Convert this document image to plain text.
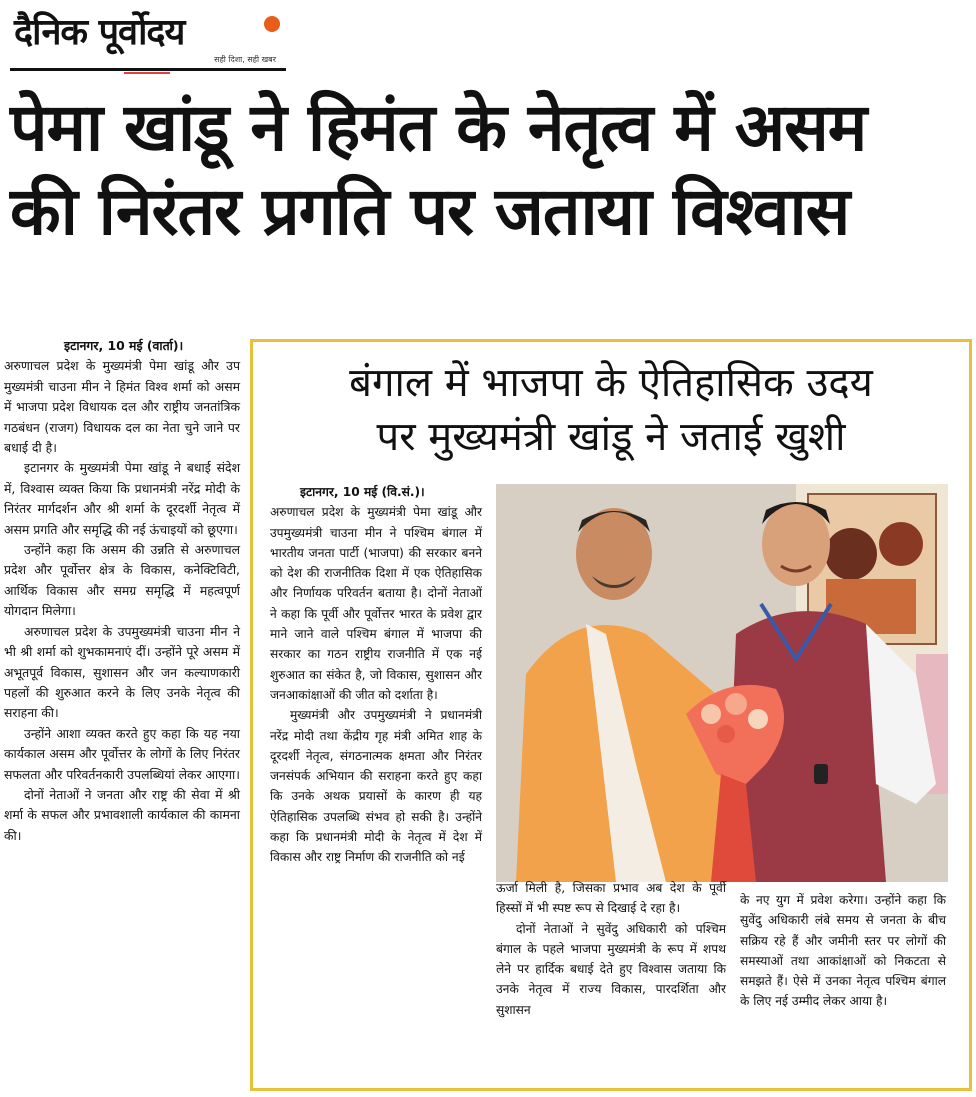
दैनिक पूर्वोदय
सही दिशा, सही खबर
पेमा खांडू ने हिमंत के नेतृत्व में असम
की निरंतर प्रगति पर जताया विश्वास

इटानगर, 10 मई (वार्ता)।

अरुणाचल प्रदेश के मुख्यमंत्री पेमा खांडू और उप मुख्यमंत्री चाउना मीन ने हिमंत विश्व शर्मा को असम में भाजपा प्रदेश विधायक दल और राष्ट्रीय जनतांत्रिक गठबंधन (राजग) विधायक दल का नेता चुने जाने पर बधाई दी है।

इटानगर के मुख्यमंत्री पेमा खांडू ने बधाई संदेश में, विश्वास व्यक्त किया कि प्रधानमंत्री नरेंद्र मोदी के निरंतर मार्गदर्शन और श्री शर्मा के दूरदर्शी नेतृत्व में असम प्रगति और समृद्धि की नई ऊंचाइयों को छूएगा।

उन्होंने कहा कि असम की उन्नति से अरुणाचल प्रदेश और पूर्वोत्तर क्षेत्र के विकास, कनेक्टिविटी, आर्थिक विकास और समग्र समृद्धि में महत्वपूर्ण योगदान मिलेगा।

अरुणाचल प्रदेश के उपमुख्यमंत्री चाउना मीन ने भी श्री शर्मा को शुभकामनाएं दीं। उन्होंने पूरे असम में अभूतपूर्व विकास, सुशासन और जन कल्याणकारी पहलों की शुरुआत करने के लिए उनके नेतृत्व की सराहना की।

उन्होंने आशा व्यक्त करते हुए कहा कि यह नया कार्यकाल असम और पूर्वोत्तर के लोगों के लिए निरंतर सफलता और परिवर्तनकारी उपलब्धियां लेकर आएगा।

दोनों नेताओं ने जनता और राष्ट्र की सेवा में श्री शर्मा के सफल और प्रभावशाली कार्यकाल की कामना की।

बंगाल में भाजपा के ऐतिहासिक उदय
पर मुख्यमंत्री खांडू ने जताई खुशी

इटानगर, 10 मई (वि.सं.)।

अरुणाचल प्रदेश के मुख्यमंत्री पेमा खांडू और उपमुख्यमंत्री चाउना मीन ने पश्चिम बंगाल में भारतीय जनता पार्टी (भाजपा) की सरकार बनने को देश की राजनीतिक दिशा में एक ऐतिहासिक और निर्णायक परिवर्तन बताया है। दोनों नेताओं ने कहा कि पूर्वी और पूर्वोत्तर भारत के प्रवेश द्वार माने जाने वाले पश्चिम बंगाल में भाजपा की सरकार का गठन राष्ट्रीय राजनीति में एक नई शुरुआत का संकेत है, जो विकास, सुशासन और जनआकांक्षाओं की जीत को दर्शाता है।

मुख्यमंत्री और उपमुख्यमंत्री ने प्रधानमंत्री नरेंद्र मोदी तथा केंद्रीय गृह मंत्री अमित शाह के दूरदर्शी नेतृत्व, संगठनात्मक क्षमता और निरंतर जनसंपर्क अभियान की सराहना करते हुए कहा कि उनके अथक प्रयासों के कारण ही यह ऐतिहासिक उपलब्धि संभव हो सकी है। उन्होंने कहा कि प्रधानमंत्री मोदी के नेतृत्व में देश में विकास और राष्ट्र निर्माण की राजनीति को नई

ऊर्जा मिली है, जिसका प्रभाव अब देश के पूर्वी हिस्सों में भी स्पष्ट रूप से दिखाई दे रहा है।

दोनों नेताओं ने सुवेंदु अधिकारी को पश्चिम बंगाल के पहले भाजपा मुख्यमंत्री के रूप में शपथ लेने पर हार्दिक बधाई देते हुए विश्वास जताया कि उनके नेतृत्व में राज्य विकास, पारदर्शिता और सुशासन

के नए युग में प्रवेश करेगा। उन्होंने कहा कि सुवेंदु अधिकारी लंबे समय से जनता के बीच सक्रिय रहे हैं और जमीनी स्तर पर लोगों की समस्याओं तथा आकांक्षाओं को निकटता से समझते हैं। ऐसे में उनका नेतृत्व पश्चिम बंगाल के लिए नई उम्मीद लेकर आया है।
